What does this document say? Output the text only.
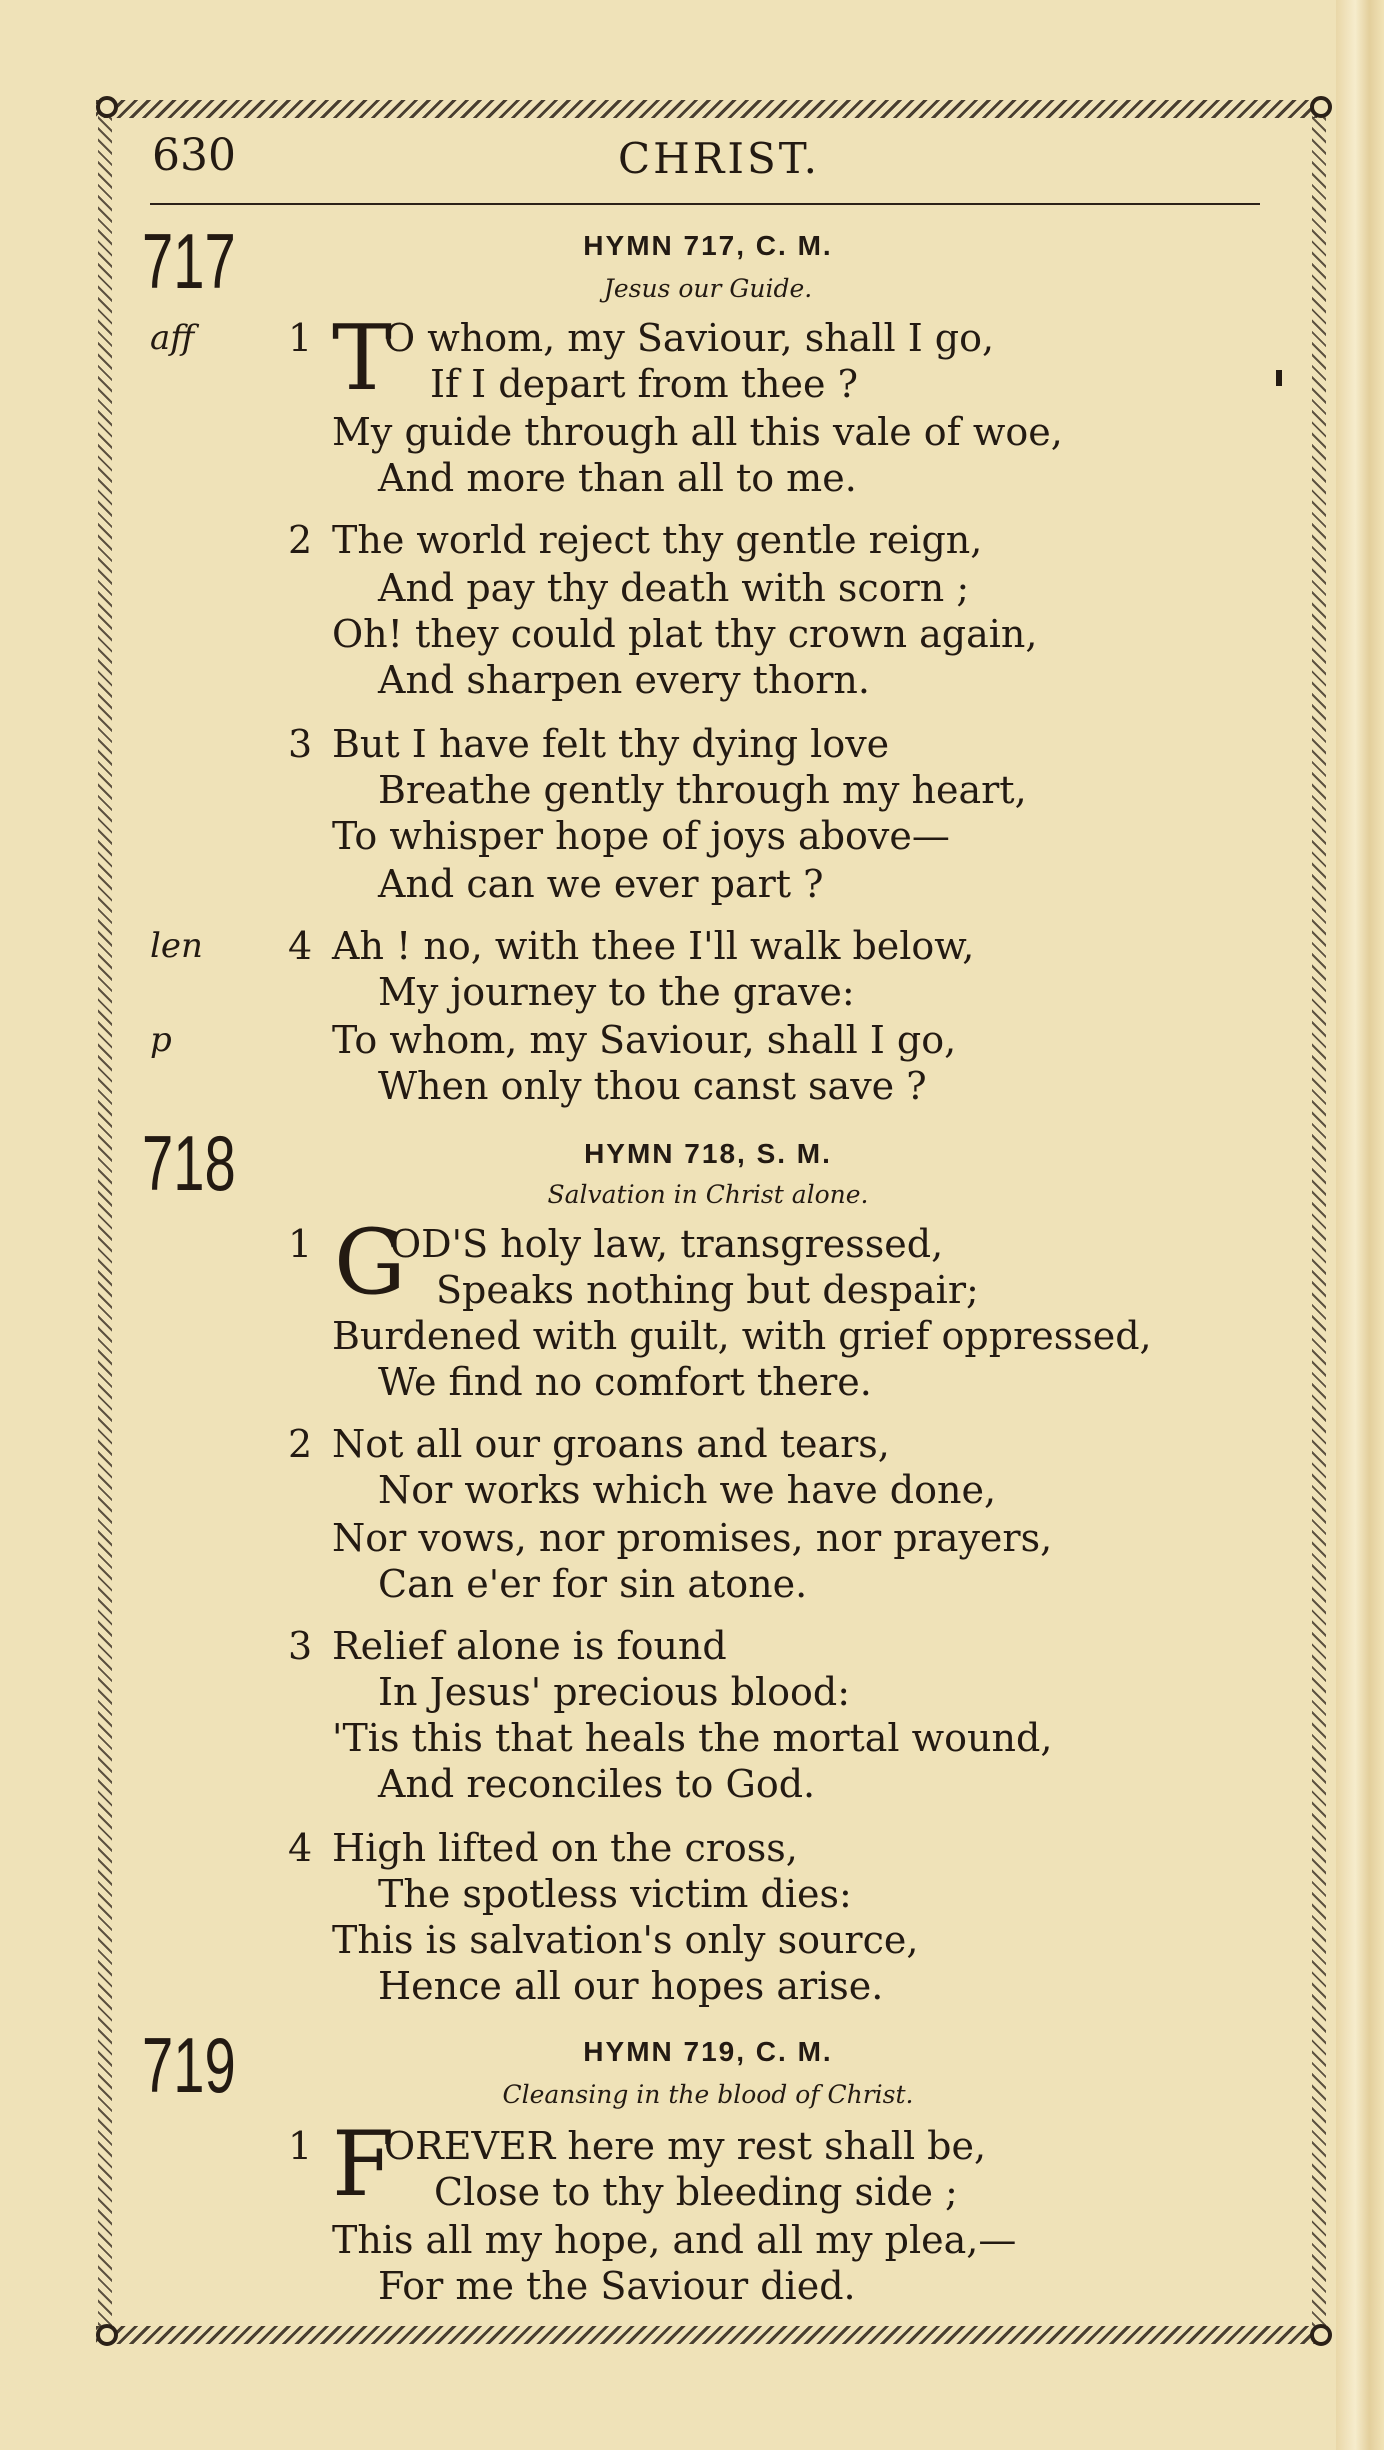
630	CHRIST.
717	HYMN 717, C. M.
Jesus our Guide.
aff 1 T
O whom, my Saviour, shall I go,
If I depart from thee ?
My guide through all this vale of woe,
And more than all to me.
2 The world reject thy gentle reign,
And pay thy death with scorn ;
Oh! they could plat thy crown again,
And sharpen every thorn.
3 But I have felt thy dying love
Breathe gently through my heart,
To whisper hope of joys above—
And can we ever part ?
len 4 Ah ! no, with thee I'll walk below,
My journey to the grave:
p	To whom, my Saviour, shall I go,
When only thou canst save ?
718	HYMN 718, S. M.
Salvation in Christ alone.
1 G
OD'S holy law, transgressed,
Speaks nothing but despair;
Burdened with guilt, with grief oppressed,
We find no comfort there.
2 Not all our groans and tears,
Nor works which we have done,
Nor vows, nor promises, nor prayers,
Can e'er for sin atone.
3 Relief alone is found
In Jesus' precious blood:
'Tis this that heals the mortal wound,
And reconciles to God.
4 High lifted on the cross,
The spotless victim dies:
This is salvation's only source,
Hence all our hopes arise.
719	HYMN 719, C. M.
Cleansing in the blood of Christ.
1 F
OREVER here my rest shall be,
Close to thy bleeding side ;
This all my hope, and all my plea,—
For me the Saviour died.
